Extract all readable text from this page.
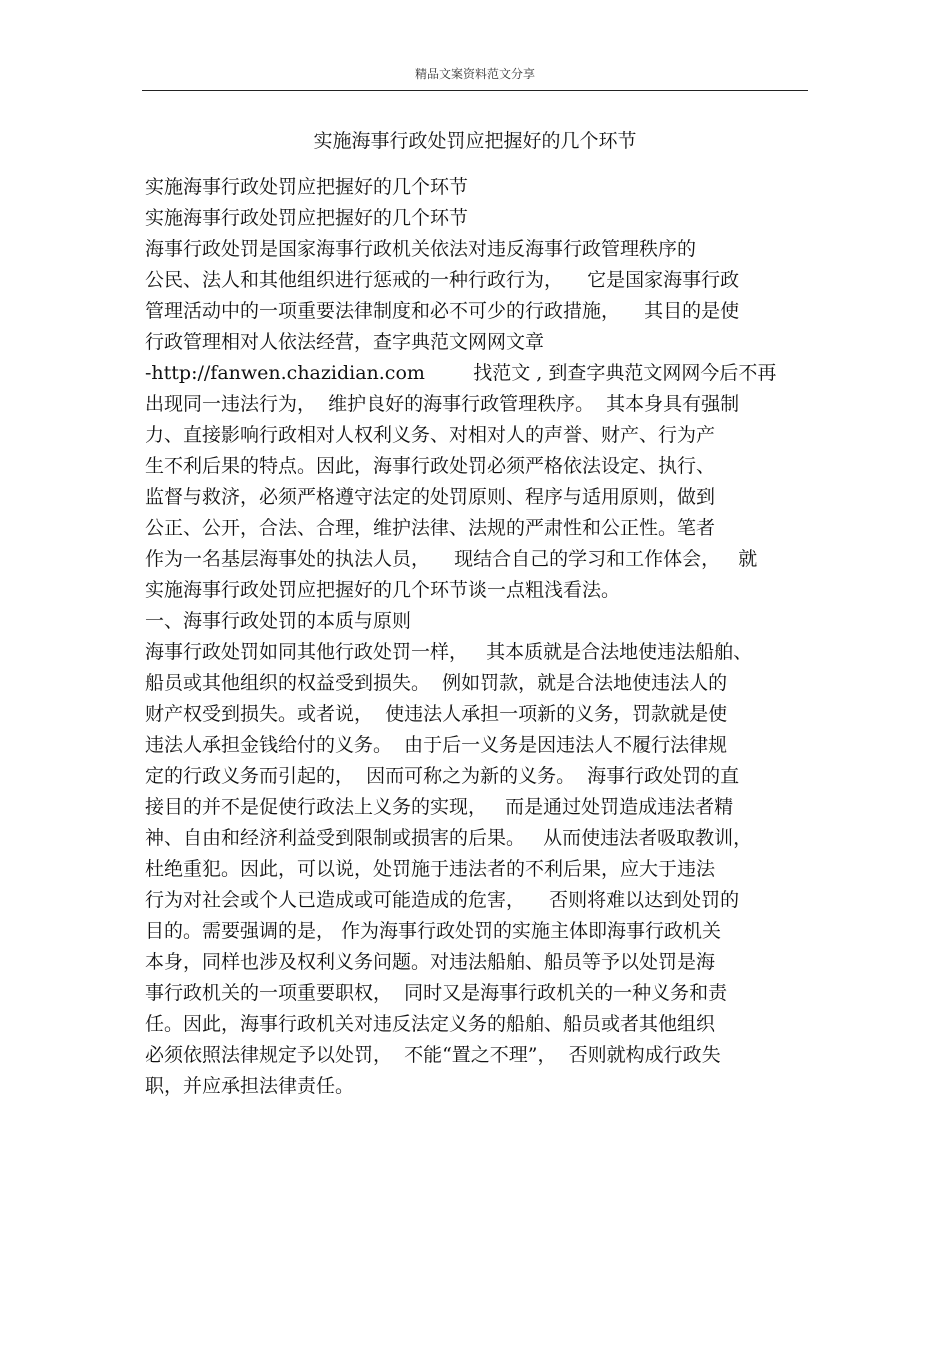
精品文案资料范文分享
实施海事行政处罚应把握好的几个环节
实施海事行政处罚应把握好的几个环节
实施海事行政处罚应把握好的几个环节
海事行政处罚是国家海事行政机关依法对违反海事行政管理秩序的
公民、法人和其他组织进行惩戒的一种行政行为，    它是国家海事行政
管理活动中的一项重要法律制度和必不可少的行政措施，    其目的是使
行政管理相对人依法经营，查字典范文网网文章
-http://fanwen.chazidian.com        找范文 , 到查字典范文网网今后不再
出现同一违法行为，  维护良好的海事行政管理秩序。  其本身具有强制
力、直接影响行政相对人权利义务、对相对人的声誉、财产、行为产
生不利后果的特点。因此，海事行政处罚必须严格依法设定、执行、
监督与救济，必须严格遵守法定的处罚原则、程序与适用原则，做到
公正、公开，合法、合理，维护法律、法规的严肃性和公正性。笔者
作为一名基层海事处的执法人员，    现结合自己的学习和工作体会，   就
实施海事行政处罚应把握好的几个环节谈一点粗浅看法。
一、海事行政处罚的本质与原则
海事行政处罚如同其他行政处罚一样，   其本质就是合法地使违法船舶、
船员或其他组织的权益受到损失。  例如罚款，就是合法地使违法人的
财产权受到损失。或者说，  使违法人承担一项新的义务，罚款就是使
违法人承担金钱给付的义务。  由于后一义务是因违法人不履行法律规
定的行政义务而引起的，  因而可称之为新的义务。  海事行政处罚的直
接目的并不是促使行政法上义务的实现，   而是通过处罚造成违法者精
神、自由和经济利益受到限制或损害的后果。   从而使违法者吸取教训，
杜绝重犯。因此，可以说，处罚施于违法者的不利后果，应大于违法
行为对社会或个人已造成或可能造成的危害，    否则将难以达到处罚的
目的。需要强调的是， 作为海事行政处罚的实施主体即海事行政机关
本身，同样也涉及权利义务问题。对违法船舶、船员等予以处罚是海
事行政机关的一项重要职权，  同时又是海事行政机关的一种义务和责
任。因此，海事行政机关对违反法定义务的船舶、船员或者其他组织
必须依照法律规定予以处罚，  不能“置之不理”，  否则就构成行政失
职，并应承担法律责任。
